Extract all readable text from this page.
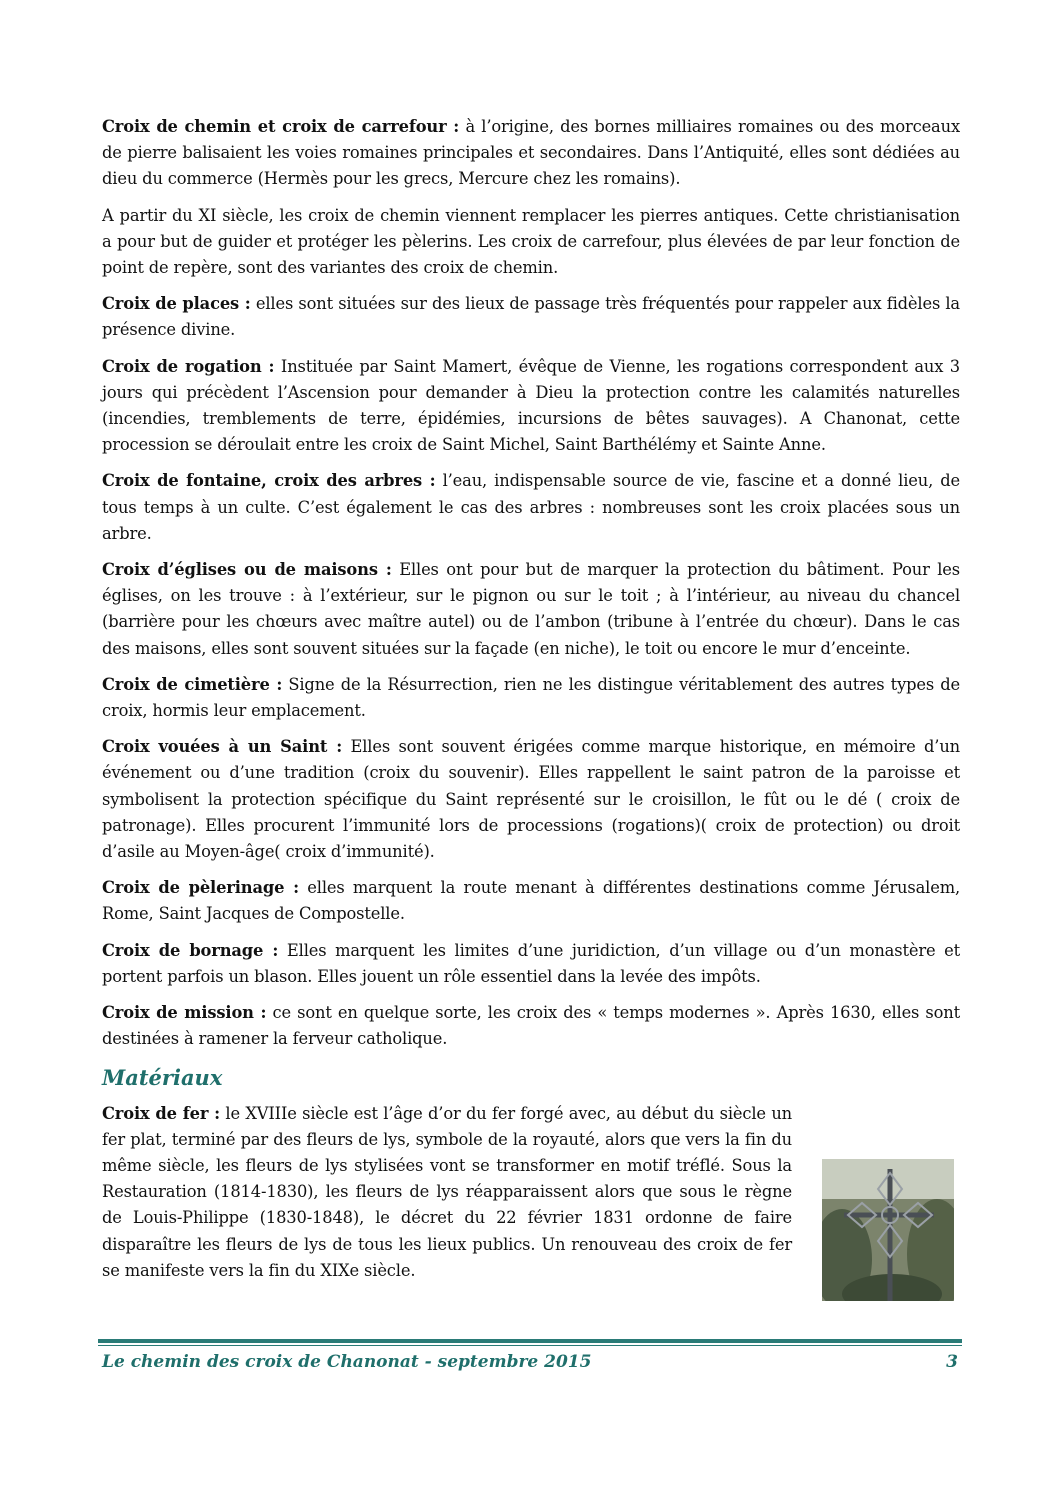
Croix de chemin et croix de carrefour : à l’origine, des bornes milliaires romaines ou des morceaux de pierre balisaient les voies romaines principales et secondaires. Dans l’Antiquité, elles sont dédiées au dieu du commerce (Hermès pour les grecs, Mercure chez les romains).

A partir du XI siècle, les croix de chemin viennent remplacer les pierres antiques. Cette christianisation a pour but de guider et protéger les pèlerins. Les croix de carrefour, plus élevées de par leur fonction de point de repère, sont des variantes des croix de chemin.

Croix de places : elles sont situées sur des lieux de passage très fréquentés pour rappeler aux fidèles la présence divine.

Croix de rogation : Instituée par Saint Mamert, évêque de Vienne, les rogations correspondent aux 3 jours qui précèdent l’Ascension pour demander à Dieu la protection contre les calamités naturelles (incendies, tremblements de terre, épidémies, incursions de bêtes sauvages). A Chanonat, cette procession se déroulait entre les croix de Saint Michel, Saint Barthélémy et Sainte Anne.

Croix de fontaine, croix des arbres : l’eau, indispensable source de vie, fascine et a donné lieu, de tous temps à un culte. C’est également le cas des arbres : nombreuses sont les croix placées sous un arbre.

Croix d’églises ou de maisons : Elles ont pour but de marquer la protection du bâtiment. Pour les églises, on les trouve : à l’extérieur, sur le pignon ou sur le toit ; à l’intérieur, au niveau du chancel (barrière pour les chœurs avec maître autel) ou de l’ambon (tribune à l’entrée du chœur). Dans le cas des maisons, elles sont souvent situées sur la façade (en niche), le toit ou encore le mur d’enceinte.

Croix de cimetière : Signe de la Résurrection, rien ne les distingue véritablement des autres types de croix, hormis leur emplacement.

Croix vouées à un Saint : Elles sont souvent érigées comme marque historique, en mémoire d’un événement ou d’une tradition (croix du souvenir). Elles rappellent le saint patron de la paroisse et symbolisent la protection spécifique du Saint représenté sur le croisillon, le fût ou le dé ( croix de patronage). Elles procurent l’immunité lors de processions (rogations)( croix de protection) ou droit d’asile au Moyen-âge( croix d’immunité).

Croix de pèlerinage : elles marquent la route menant à différentes destinations comme Jérusalem, Rome, Saint Jacques de Compostelle.

Croix de bornage : Elles marquent les limites d’une juridiction, d’un village ou d’un monastère et portent parfois un blason. Elles jouent un rôle essentiel dans la levée des impôts.

Croix de mission : ce sont en quelque sorte, les croix des « temps modernes ». Après 1630, elles sont destinées à ramener la ferveur catholique.

Matériaux

Croix de fer : le XVIIIe siècle est l’âge d’or du fer forgé avec, au début du siècle un fer plat, terminé par des fleurs de lys, symbole de la royauté, alors que vers la fin du même siècle, les fleurs de lys stylisées vont se transformer en motif tréflé. Sous la Restauration (1814-1830), les fleurs de lys réapparaissent alors que sous le règne de Louis-Philippe (1830-1848), le décret du 22 février 1831 ordonne de faire disparaître les fleurs de lys de tous les lieux publics. Un renouveau des croix de fer se manifeste vers la fin du XIXe siècle.

Le chemin des croix de Chanonat - septembre 2015	3
